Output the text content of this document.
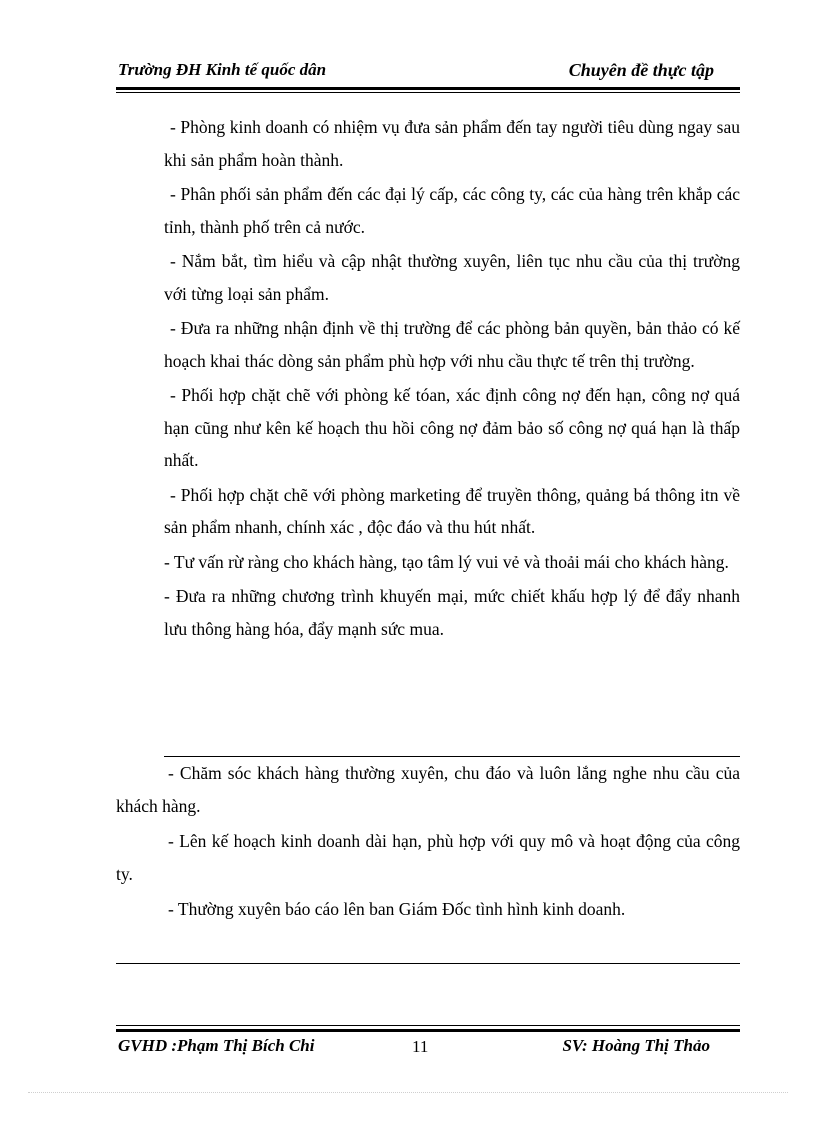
Trường ĐH Kinh tế quốc dân	Chuyên đề thực tập

- Phòng kinh doanh có nhiệm vụ đưa sản phẩm đến tay người tiêu dùng ngay sau khi sản phẩm hoàn thành.

- Phân phối sản phẩm đến các đại lý cấp, các công ty, các của hàng trên khắp các tỉnh, thành phố trên cả nước.

- Nắm bắt, tìm hiểu và cập nhật thường xuyên, liên tục nhu cầu của thị trường với từng loại sản phẩm.

- Đưa ra những nhận định về thị trường để các phòng bản quyền, bản thảo có kế hoạch khai thác dòng sản phẩm phù hợp với nhu cầu thực tế trên thị trường.

- Phối hợp chặt chẽ với phòng kế tóan, xác định công nợ đến hạn, công nợ quá hạn cũng như kên kế hoạch thu hồi công nợ đảm bảo số công nợ quá hạn là thấp nhất.

- Phối hợp chặt chẽ với phòng marketing để truyền thông, quảng bá thông itn về sản phẩm nhanh, chính xác , độc đáo và thu hút nhất.

- Tư vấn rừ ràng cho khách hàng, tạo tâm lý vui vẻ và thoải mái cho khách hàng.

- Đưa ra những chương trình khuyến mại, mức chiết khấu hợp lý để đẩy nhanh lưu thông hàng hóa, đẩy mạnh sức mua.

- Chăm sóc khách hàng thường xuyên, chu đáo và luôn lắng nghe nhu cầu của khách hàng.

- Lên kế hoạch kinh doanh dài hạn, phù hợp với quy mô và hoạt động của công ty.

- Thường xuyên báo cáo lên ban Giám Đốc tình hình kinh doanh.

GVHD :Phạm Thị Bích Chi	11	SV: Hoàng Thị Thảo
